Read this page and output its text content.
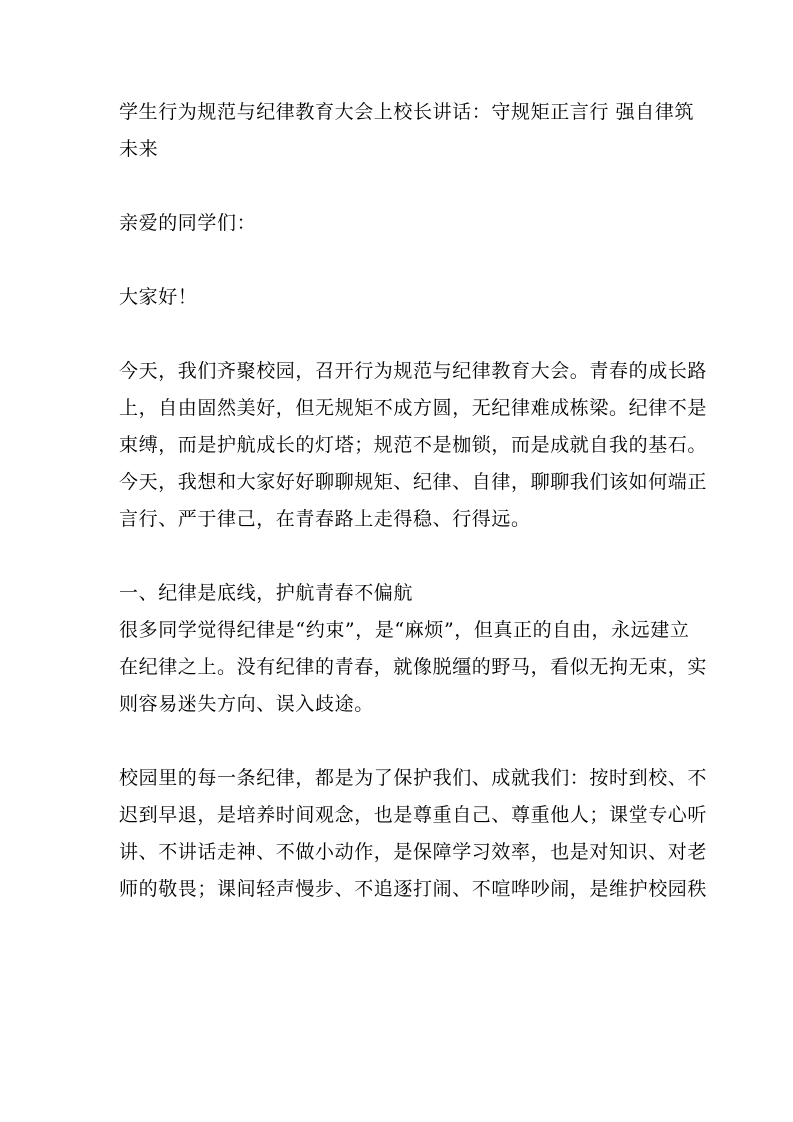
学生行为规范与纪律教育大会上校长讲话：守规矩正言行 强自律筑
未来
亲爱的同学们：
大家好！
今天，我们齐聚校园，召开行为规范与纪律教育大会。青春的成长路
上，自由固然美好，但无规矩不成方圆，无纪律难成栋梁。纪律不是
束缚，而是护航成长的灯塔；规范不是枷锁，而是成就自我的基石。
今天，我想和大家好好聊聊规矩、纪律、自律，聊聊我们该如何端正
言行、严于律己，在青春路上走得稳、行得远。
一、纪律是底线，护航青春不偏航
很多同学觉得纪律是“约束”，是“麻烦”，但真正的自由，永远建立
在纪律之上。没有纪律的青春，就像脱缰的野马，看似无拘无束，实
则容易迷失方向、误入歧途。
校园里的每一条纪律，都是为了保护我们、成就我们：按时到校、不
迟到早退，是培养时间观念，也是尊重自己、尊重他人；课堂专心听
讲、不讲话走神、不做小动作，是保障学习效率，也是对知识、对老
师的敬畏；课间轻声慢步、不追逐打闹、不喧哗吵闹，是维护校园秩
